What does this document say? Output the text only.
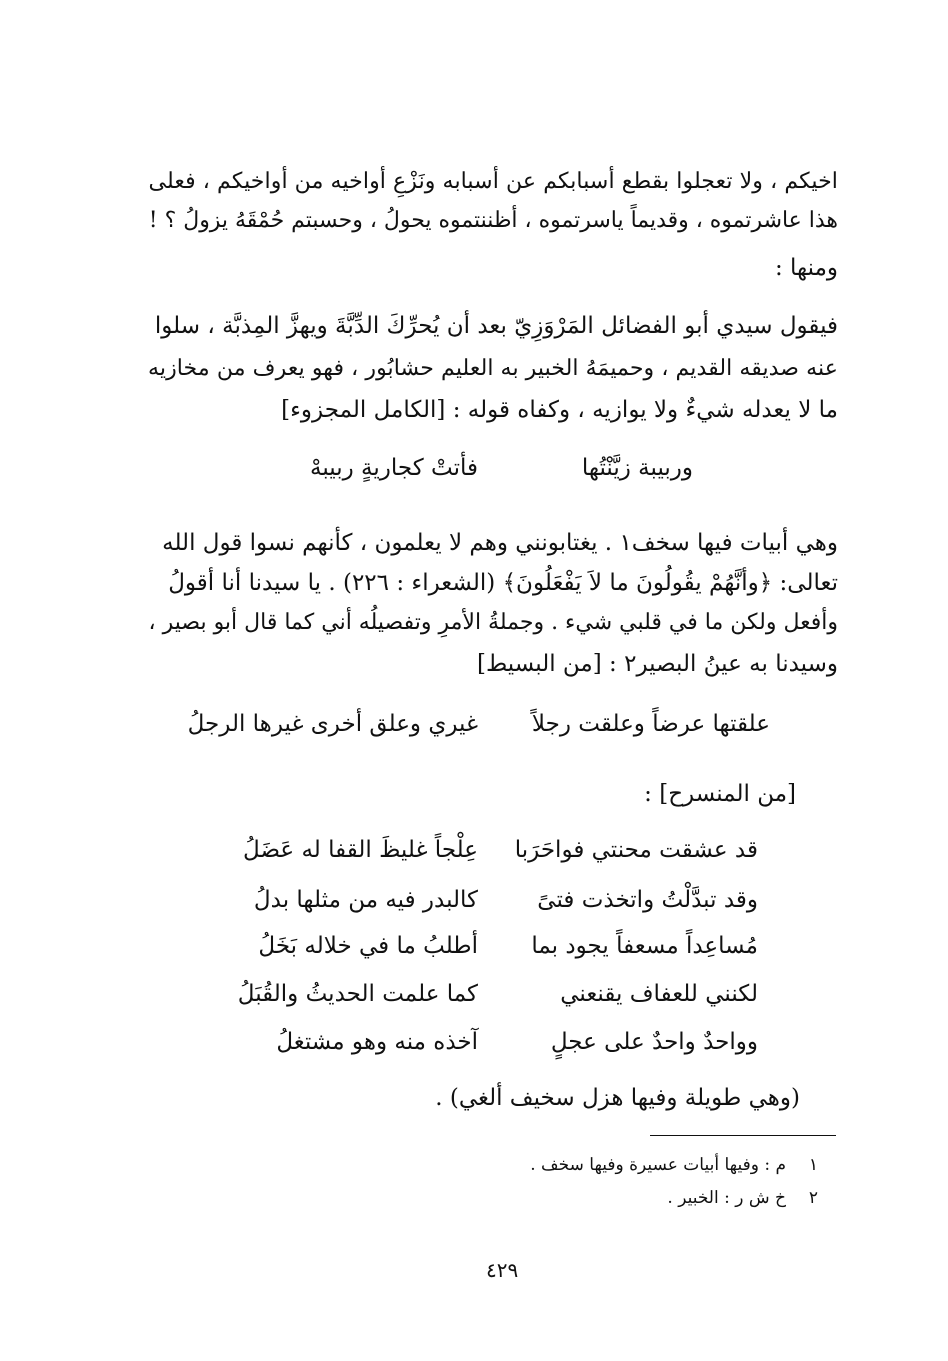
اخيكم ، ولا تعجلوا بقطع أسبابكم عن أسبابه ونَزْعِ أواخيه من أواخيكم ، فعلى
هذا عاشرتموه ، وقديماً ياسرتموه ، أظننتموه يحولُ ، وحسبتم حُمْقَهُ يزولُ ؟ !
ومنها :
فيقول سيدي أبو الفضائل المَرْوَزِيّ بعد أن يُحرِّكَ الدِّبَّةَ ويهزَّ المِذبَّة ، سلوا
عنه صديقه القديم ، وحميمَهُ الخبير به العليم حشابُور ، فهو يعرف من مخازيه
ما لا يعدله شيءٌ ولا يوازيه ، وكفاه قوله : [الكامل المجزوء]
وربيبة زيَّنْتُها
فأتتْ كجاريةٍ ربيبهْ
وهي أبيات فيها سخف١ . يغتابونني وهم لا يعلمون ، كأنهم نسوا قول الله
تعالى: ﴿وأنَّهُمْ يقُولُونَ ما لاَ يَفْعَلُونَ﴾ (الشعراء : ٢٢٦) . يا سيدنا أنا أقولُ
وأفعل ولكن ما في قلبي شيء . وجملةُ الأمرِ وتفصيلُه أني كما قال أبو بصير ،
وسيدنا به عينُ البصير٢ : [من البسيط]
علقتها عرضاً وعلقت رجلاً
غيري وعلق أخرى غيرها الرجلُ
[من المنسرح] :
قد عشقت محنتي فواحَرَبا
عِلْجاً غليظَ القفا له عَضَلُ
وقد تبدَّلْتُ واتخذت فتىً
كالبدر فيه من مثلها بدلُ
مُساعِداً مسعفاً يجود بما
أطلبُ ما في خلاله بَخَلُ
لكنني للعفاف يقنعني
كما علمت الحديثُ والقُبَلُ
وواحدٌ واحدٌ على عجلٍ
آخذه منه وهو مشتغلُ
(وهي طويلة وفيها هزل سخيف ألغي) .
١
م : وفيها أبيات عسيرة وفيها سخف .
٢
خ ش ر : الخبير .
٤٢٩
